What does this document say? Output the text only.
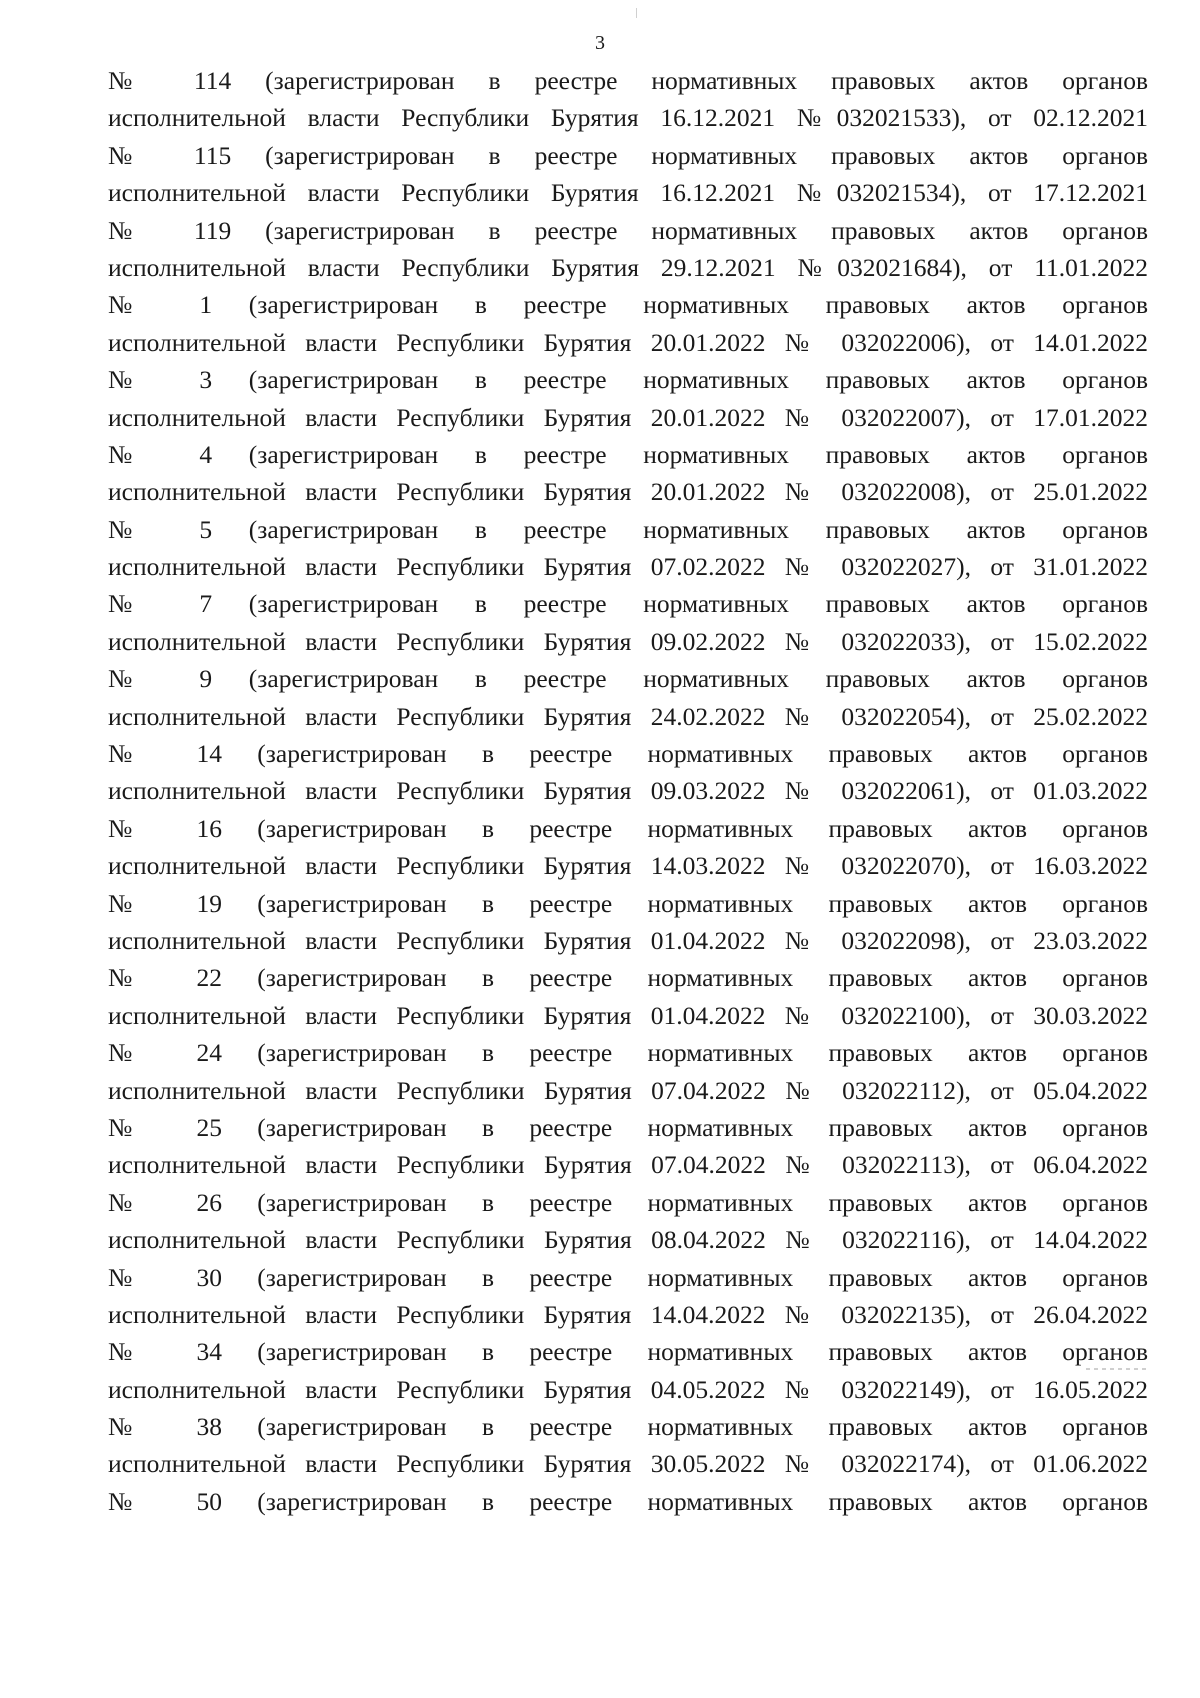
3
№ 114 (зарегистрирован в реестре нормативных правовых актов органов
исполнительной власти Республики Бурятия 16.12.2021 №032021533), от 02.12.2021
№ 115 (зарегистрирован в реестре нормативных правовых актов органов
исполнительной власти Республики Бурятия 16.12.2021 №032021534), от 17.12.2021
№ 119 (зарегистрирован в реестре нормативных правовых актов органов
исполнительной власти Республики Бурятия 29.12.2021 №032021684), от 11.01.2022
№ 1 (зарегистрирован в реестре нормативных правовых актов органов
исполнительной власти Республики Бурятия 20.01.2022 № 032022006), от 14.01.2022
№ 3 (зарегистрирован в реестре нормативных правовых актов органов
исполнительной власти Республики Бурятия 20.01.2022 № 032022007), от 17.01.2022
№ 4 (зарегистрирован в реестре нормативных правовых актов органов
исполнительной власти Республики Бурятия 20.01.2022 № 032022008), от 25.01.2022
№ 5 (зарегистрирован в реестре нормативных правовых актов органов
исполнительной власти Республики Бурятия 07.02.2022 № 032022027), от 31.01.2022
№ 7 (зарегистрирован в реестре нормативных правовых актов органов
исполнительной власти Республики Бурятия 09.02.2022 № 032022033), от 15.02.2022
№ 9 (зарегистрирован в реестре нормативных правовых актов органов
исполнительной власти Республики Бурятия 24.02.2022 № 032022054), от 25.02.2022
№ 14 (зарегистрирован в реестре нормативных правовых актов органов
исполнительной власти Республики Бурятия 09.03.2022 № 032022061), от 01.03.2022
№ 16 (зарегистрирован в реестре нормативных правовых актов органов
исполнительной власти Республики Бурятия 14.03.2022 № 032022070), от 16.03.2022
№ 19 (зарегистрирован в реестре нормативных правовых актов органов
исполнительной власти Республики Бурятия 01.04.2022 № 032022098), от 23.03.2022
№ 22 (зарегистрирован в реестре нормативных правовых актов органов
исполнительной власти Республики Бурятия 01.04.2022 № 032022100), от 30.03.2022
№ 24 (зарегистрирован в реестре нормативных правовых актов органов
исполнительной власти Республики Бурятия 07.04.2022 № 032022112), от 05.04.2022
№ 25 (зарегистрирован в реестре нормативных правовых актов органов
исполнительной власти Республики Бурятия 07.04.2022 № 032022113), от 06.04.2022
№ 26 (зарегистрирован в реестре нормативных правовых актов органов
исполнительной власти Республики Бурятия 08.04.2022 № 032022116), от 14.04.2022
№ 30 (зарегистрирован в реестре нормативных правовых актов органов
исполнительной власти Республики Бурятия 14.04.2022 № 032022135), от 26.04.2022
№ 34 (зарегистрирован в реестре нормативных правовых актов органов
исполнительной власти Республики Бурятия 04.05.2022 № 032022149), от 16.05.2022
№ 38 (зарегистрирован в реестре нормативных правовых актов органов
исполнительной власти Республики Бурятия 30.05.2022 № 032022174), от 01.06.2022
№ 50 (зарегистрирован в реестре нормативных правовых актов органов
